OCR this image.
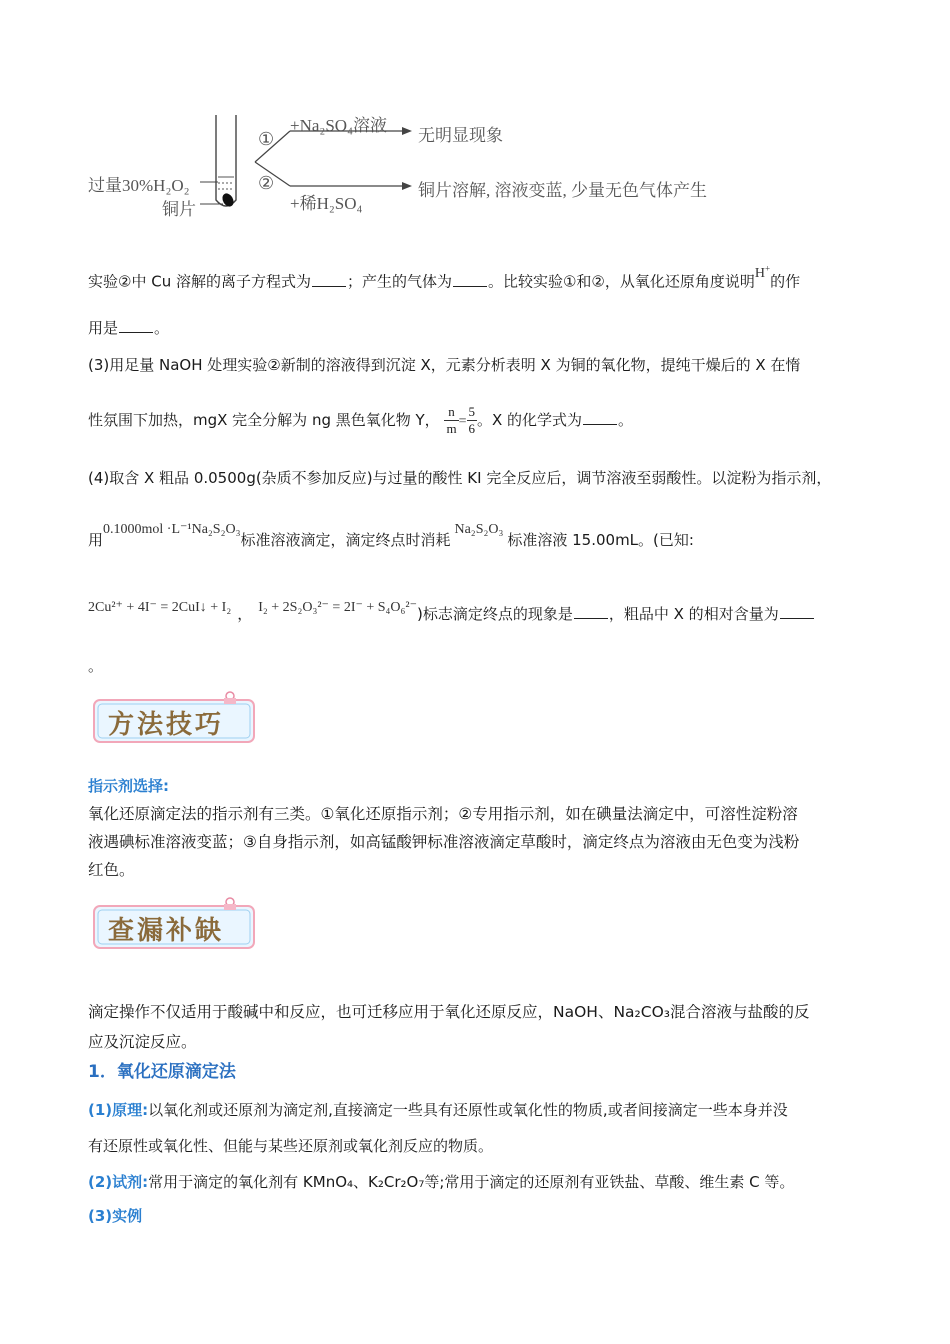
过量30%H₂O₂
铜片
①
②
+Na₂SO₄溶液
+稀H₂SO₄
无明显现象
铜片溶解, 溶液变蓝, 少量无色气体产生
实验②中 Cu 溶解的离子方程式为 ；产生的气体为 。比较实验①和②，从氧化还原角度说明H+的作
用是 。
(3)用足量 NaOH 处理实验②新制的溶液得到沉淀 X，元素分析表明 X 为铜的氧化物，提纯干燥后的 X 在惰
性氛围下加热，mgX 完全分解为 ng 黑色氧化物 Y， $\frac{n}{m} = \frac{5}{6}$ 。X 的化学式为 。
(4)取含 X 粗品 0.0500g(杂质不参加反应)与过量的酸性 KI 完全反应后，调节溶液至弱酸性。以淀粉为指示剂，
用0.1000mol ·L⁻¹Na₂S₂O₃标准溶液滴定，滴定终点时消耗Na₂S₂O₃标准溶液 15.00mL。(已知:
2Cu²⁺ + 4I⁻ = 2CuI↓ + I₂ ， I₂ + 2S₂O₃²⁻ = 2I⁻ + S₄O₆²⁻)标志滴定终点的现象是 ，粗品中 X 的相对含量为
。
方法技巧
指示剂选择:
氧化还原滴定法的指示剂有三类。①氧化还原指示剂；②专用指示剂，如在碘量法滴定中，可溶性淀粉溶
液遇碘标准溶液变蓝；③自身指示剂，如高锰酸钾标准溶液滴定草酸时，滴定终点为溶液由无色变为浅粉
红色。
查漏补缺
滴定操作不仅适用于酸碱中和反应，也可迁移应用于氧化还原反应，NaOH、Na₂CO₃混合溶液与盐酸的反
应及沉淀反应。
1．氧化还原滴定法
(1)原理:以氧化剂或还原剂为滴定剂,直接滴定一些具有还原性或氧化性的物质,或者间接滴定一些本身并没
有还原性或氧化性、但能与某些还原剂或氧化剂反应的物质。
(2)试剂:常用于滴定的氧化剂有 KMnO₄、K₂Cr₂O₇等;常用于滴定的还原剂有亚铁盐、草酸、维生素 C 等。
(3)实例
